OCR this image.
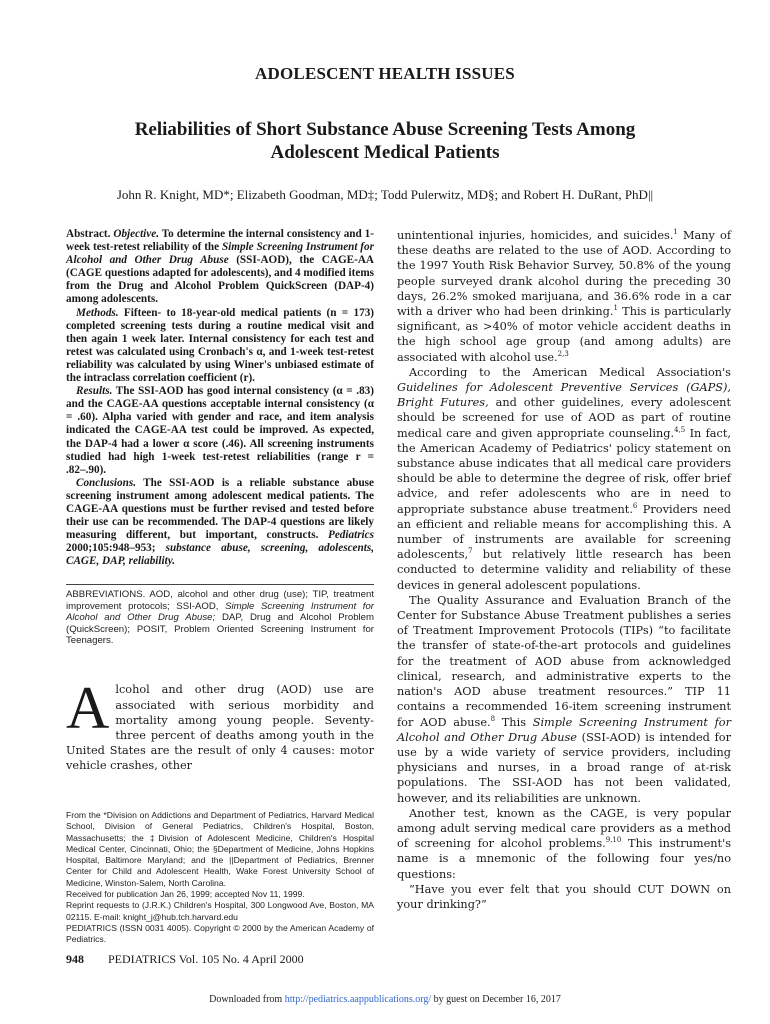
ADOLESCENT HEALTH ISSUES
Reliabilities of Short Substance Abuse Screening Tests Among
Adolescent Medical Patients
John R. Knight, MD*; Elizabeth Goodman, MD‡; Todd Pulerwitz, MD§; and Robert H. DuRant, PhD||

Abstract. Objective. To determine the internal consistency and 1-week test-retest reliability of the Simple Screening Instrument for Alcohol and Other Drug Abuse (SSI-AOD), the CAGE-AA (CAGE questions adapted for adolescents), and 4 modified items from the Drug and Alcohol Problem QuickScreen (DAP-4) among adolescents.

Methods. Fifteen- to 18-year-old medical patients (n = 173) completed screening tests during a routine medical visit and then again 1 week later. Internal consistency for each test and retest was calculated using Cronbach's α, and 1-week test-retest reliability was calculated by using Winer's unbiased estimate of the intraclass correlation coefficient (r).

Results. The SSI-AOD has good internal consistency (α = .83) and the CAGE-AA questions acceptable internal consistency (α = .60). Alpha varied with gender and race, and item analysis indicated the CAGE-AA test could be improved. As expected, the DAP-4 had a lower α score (.46). All screening instruments studied had high 1-week test-retest reliabilities (range r = .82–.90).

Conclusions. The SSI-AOD is a reliable substance abuse screening instrument among adolescent medical patients. The CAGE-AA questions must be further revised and tested before their use can be recommended. The DAP-4 questions are likely measuring different, but important, constructs. Pediatrics 2000;105:948–953; substance abuse, screening, adolescents, CAGE, DAP, reliability.

ABBREVIATIONS. AOD, alcohol and other drug (use); TIP, treatment improvement protocols; SSI-AOD, Simple Screening Instrument for Alcohol and Other Drug Abuse; DAP, Drug and Alcohol Problem (QuickScreen); POSIT, Problem Oriented Screening Instrument for Teenagers.

Alcohol and other drug (AOD) use are associated with serious morbidity and mortality among young people. Seventy-three percent of deaths among youth in the United States are the result of only 4 causes: motor vehicle crashes, other

From the *Division on Addictions and Department of Pediatrics, Harvard Medical School, Division of General Pediatrics, Children's Hospital, Boston, Massachusetts; the ‡Division of Adolescent Medicine, Children's Hospital Medical Center, Cincinnati, Ohio; the §Department of Medicine, Johns Hopkins Hospital, Baltimore Maryland; and the ||Department of Pediatrics, Brenner Center for Child and Adolescent Health, Wake Forest University School of Medicine, Winston-Salem, North Carolina.

Received for publication Jan 26, 1999; accepted Nov 11, 1999.

Reprint requests to (J.R.K.) Children's Hospital, 300 Longwood Ave, Boston, MA 02115. E-mail: knight_j@hub.tch.harvard.edu

PEDIATRICS (ISSN 0031 4005). Copyright © 2000 by the American Academy of Pediatrics.

unintentional injuries, homicides, and suicides.$^1$ Many of these deaths are related to the use of AOD. According to the 1997 Youth Risk Behavior Survey, 50.8% of the young people surveyed drank alcohol during the preceding 30 days, 26.2% smoked marijuana, and 36.6% rode in a car with a driver who had been drinking.$^1$ This is particularly significant, as >40% of motor vehicle accident deaths in the high school age group (and among adults) are associated with alcohol use.$^{2,3}$

According to the American Medical Association's Guidelines for Adolescent Preventive Services (GAPS), Bright Futures, and other guidelines, every adolescent should be screened for use of AOD as part of routine medical care and given appropriate counseling.$^{4,5}$ In fact, the American Academy of Pediatrics' policy statement on substance abuse indicates that all medical care providers should be able to determine the degree of risk, offer brief advice, and refer adolescents who are in need to appropriate substance abuse treatment.$^6$ Providers need an efficient and reliable means for accomplishing this. A number of instruments are available for screening adolescents,$^7$ but relatively little research has been conducted to determine validity and reliability of these devices in general adolescent populations.

The Quality Assurance and Evaluation Branch of the Center for Substance Abuse Treatment publishes a series of Treatment Improvement Protocols (TIPs) “to facilitate the transfer of state-of-the-art protocols and guidelines for the treatment of AOD abuse from acknowledged clinical, research, and administrative experts to the nation's AOD abuse treatment resources.” TIP 11 contains a recommended 16-item screening instrument for AOD abuse.$^8$ This Simple Screening Instrument for Alcohol and Other Drug Abuse (SSI-AOD) is intended for use by a wide variety of service providers, including physicians and nurses, in a broad range of at-risk populations. The SSI-AOD has not been validated, however, and its reliabilities are unknown.

Another test, known as the CAGE, is very popular among adult serving medical care providers as a method of screening for alcohol problems.$^{9,10}$ This instrument's name is a mnemonic of the following four yes/no questions:

“Have you ever felt that you should CUT DOWN on your drinking?”

948 PEDIATRICS Vol. 105 No. 4 April 2000
Downloaded from http://pediatrics.aappublications.org/ by guest on December 16, 2017
